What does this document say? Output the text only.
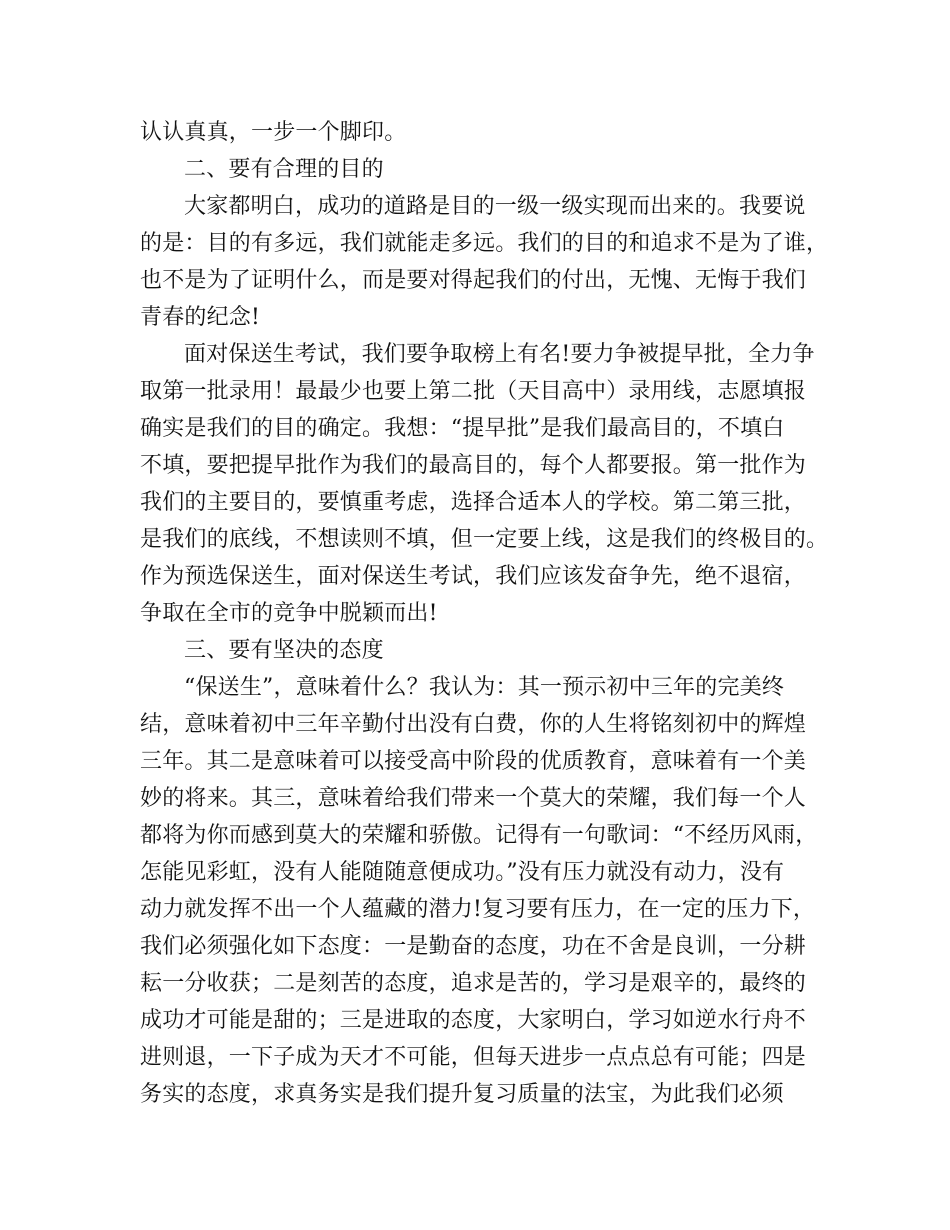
认认真真，一步一个脚印。
二、要有合理的目的
大家都明白，成功的道路是目的一级一级实现而出来的。我要说
的是：目的有多远，我们就能走多远。我们的目的和追求不是为了谁，
也不是为了证明什么，而是要对得起我们的付出，无愧、无悔于我们
青春的纪念!
面对保送生考试，我们要争取榜上有名!要力争被提早批，全力争
取第一批录用！最最少也要上第二批（天目高中）录用线，志愿填报
确实是我们的目的确定。我想：“提早批”是我们最高目的，不填白
不填，要把提早批作为我们的最高目的，每个人都要报。第一批作为
我们的主要目的，要慎重考虑，选择合适本人的学校。第二第三批，
是我们的底线，不想读则不填，但一定要上线，这是我们的终极目的。
作为预选保送生，面对保送生考试，我们应该发奋争先，绝不退宿，
争取在全市的竞争中脱颖而出!
三、要有坚决的态度
“保送生”，意味着什么？我认为：其一预示初中三年的完美终
结，意味着初中三年辛勤付出没有白费，你的人生将铭刻初中的辉煌
三年。其二是意味着可以接受高中阶段的优质教育，意味着有一个美
妙的将来。其三，意味着给我们带来一个莫大的荣耀，我们每一个人
都将为你而感到莫大的荣耀和骄傲。记得有一句歌词：“不经历风雨，
怎能见彩虹，没有人能随随意便成功。”没有压力就没有动力，没有
动力就发挥不出一个人蕴藏的潜力!复习要有压力，在一定的压力下，
我们必须强化如下态度：一是勤奋的态度，功在不舍是良训，一分耕
耘一分收获；二是刻苦的态度，追求是苦的，学习是艰辛的，最终的
成功才可能是甜的；三是进取的态度，大家明白，学习如逆水行舟不
进则退，一下子成为天才不可能，但每天进步一点点总有可能；四是
务实的态度，求真务实是我们提升复习质量的法宝，为此我们必须
